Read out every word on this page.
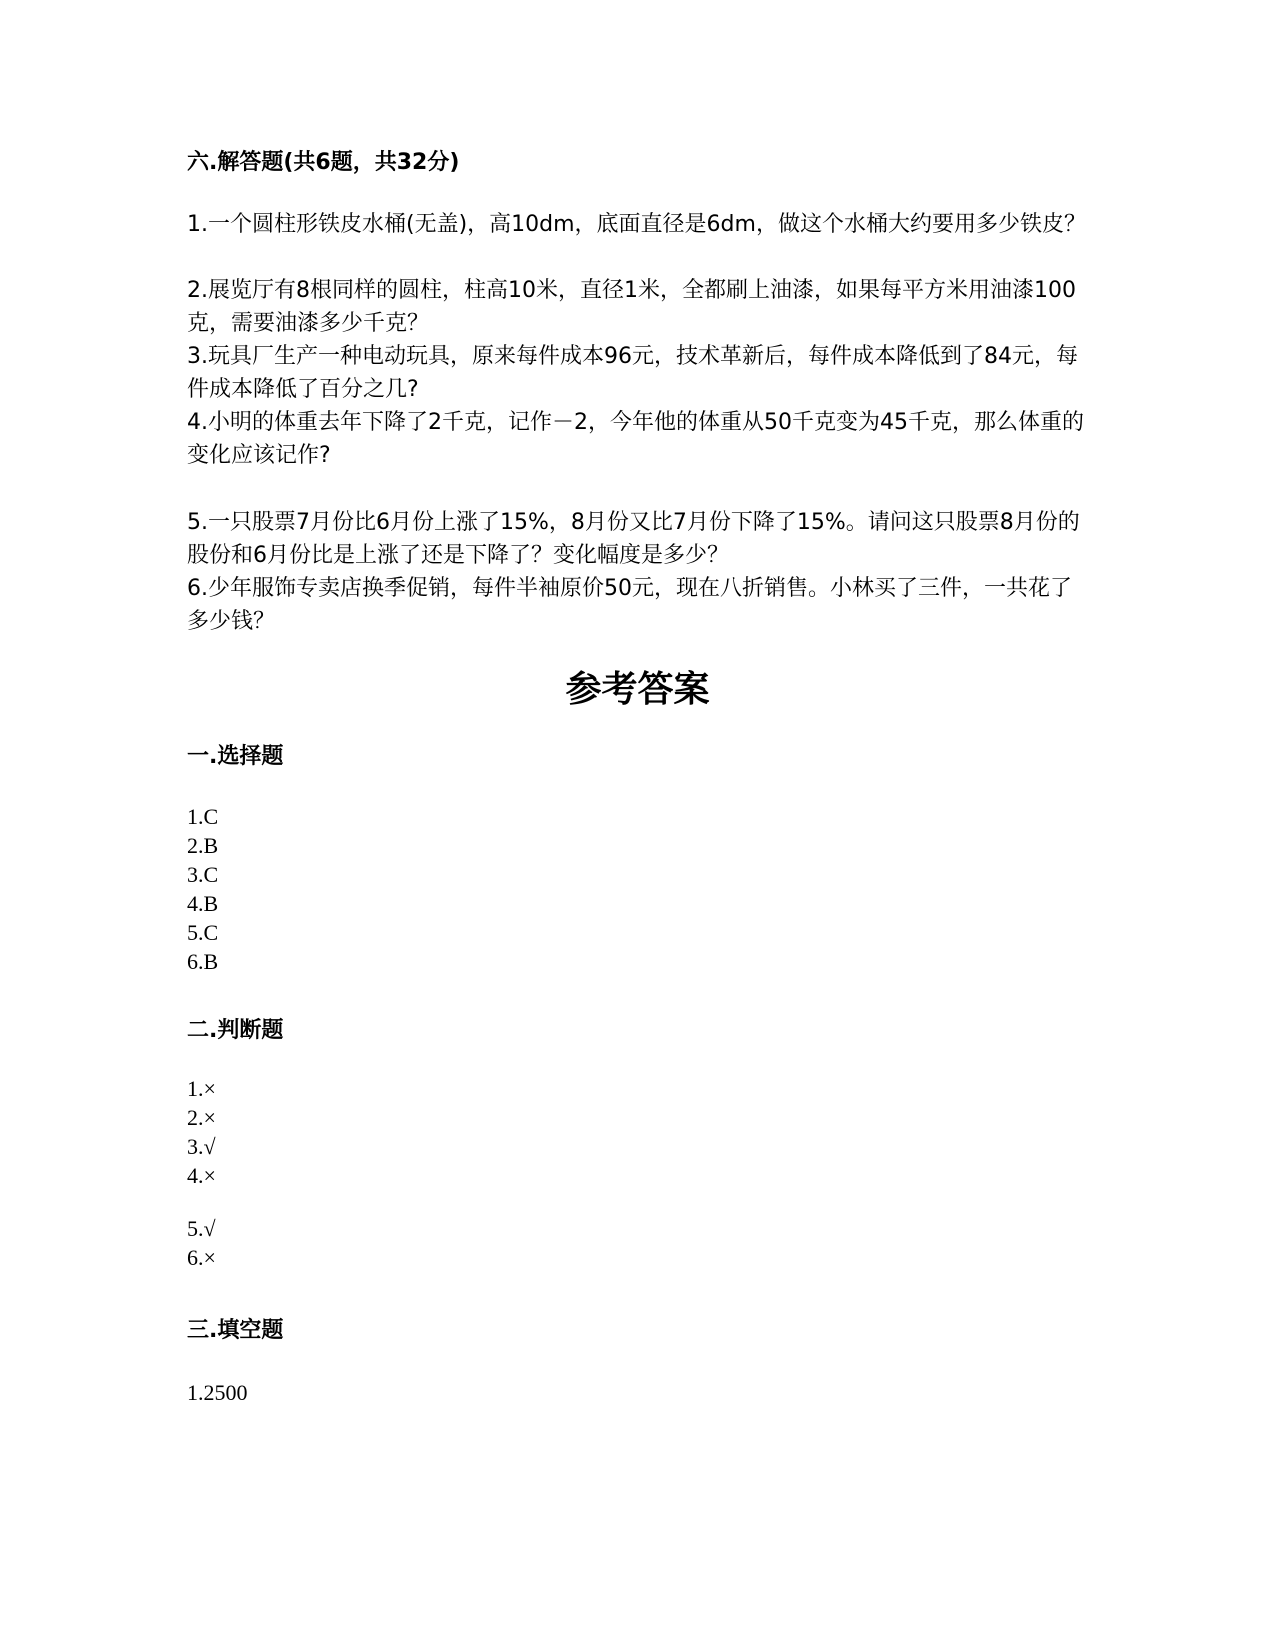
六.解答题(共6题，共32分)
1.一个圆柱形铁皮水桶(无盖)，高10dm，底面直径是6dm，做这个水桶大约要用多少铁皮？
2.展览厅有8根同样的圆柱，柱高10米，直径1米，全都刷上油漆，如果每平方米用油漆100克，需要油漆多少千克？
3.玩具厂生产一种电动玩具，原来每件成本96元，技术革新后，每件成本降低到了84元，每件成本降低了百分之几?
4.小明的体重去年下降了2千克，记作－2，今年他的体重从50千克变为45千克，那么体重的变化应该记作?
5.一只股票7月份比6月份上涨了15%，8月份又比7月份下降了15%。请问这只股票8月份的股份和6月份比是上涨了还是下降了？变化幅度是多少？
6.少年服饰专卖店换季促销，每件半袖原价50元，现在八折销售。小林买了三件，一共花了多少钱？
参考答案
一.选择题
1.C
2.B
3.C
4.B
5.C
6.B
二.判断题
1.×
2.×
3.√
4.×
5.√
6.×
三.填空题
1.2500
